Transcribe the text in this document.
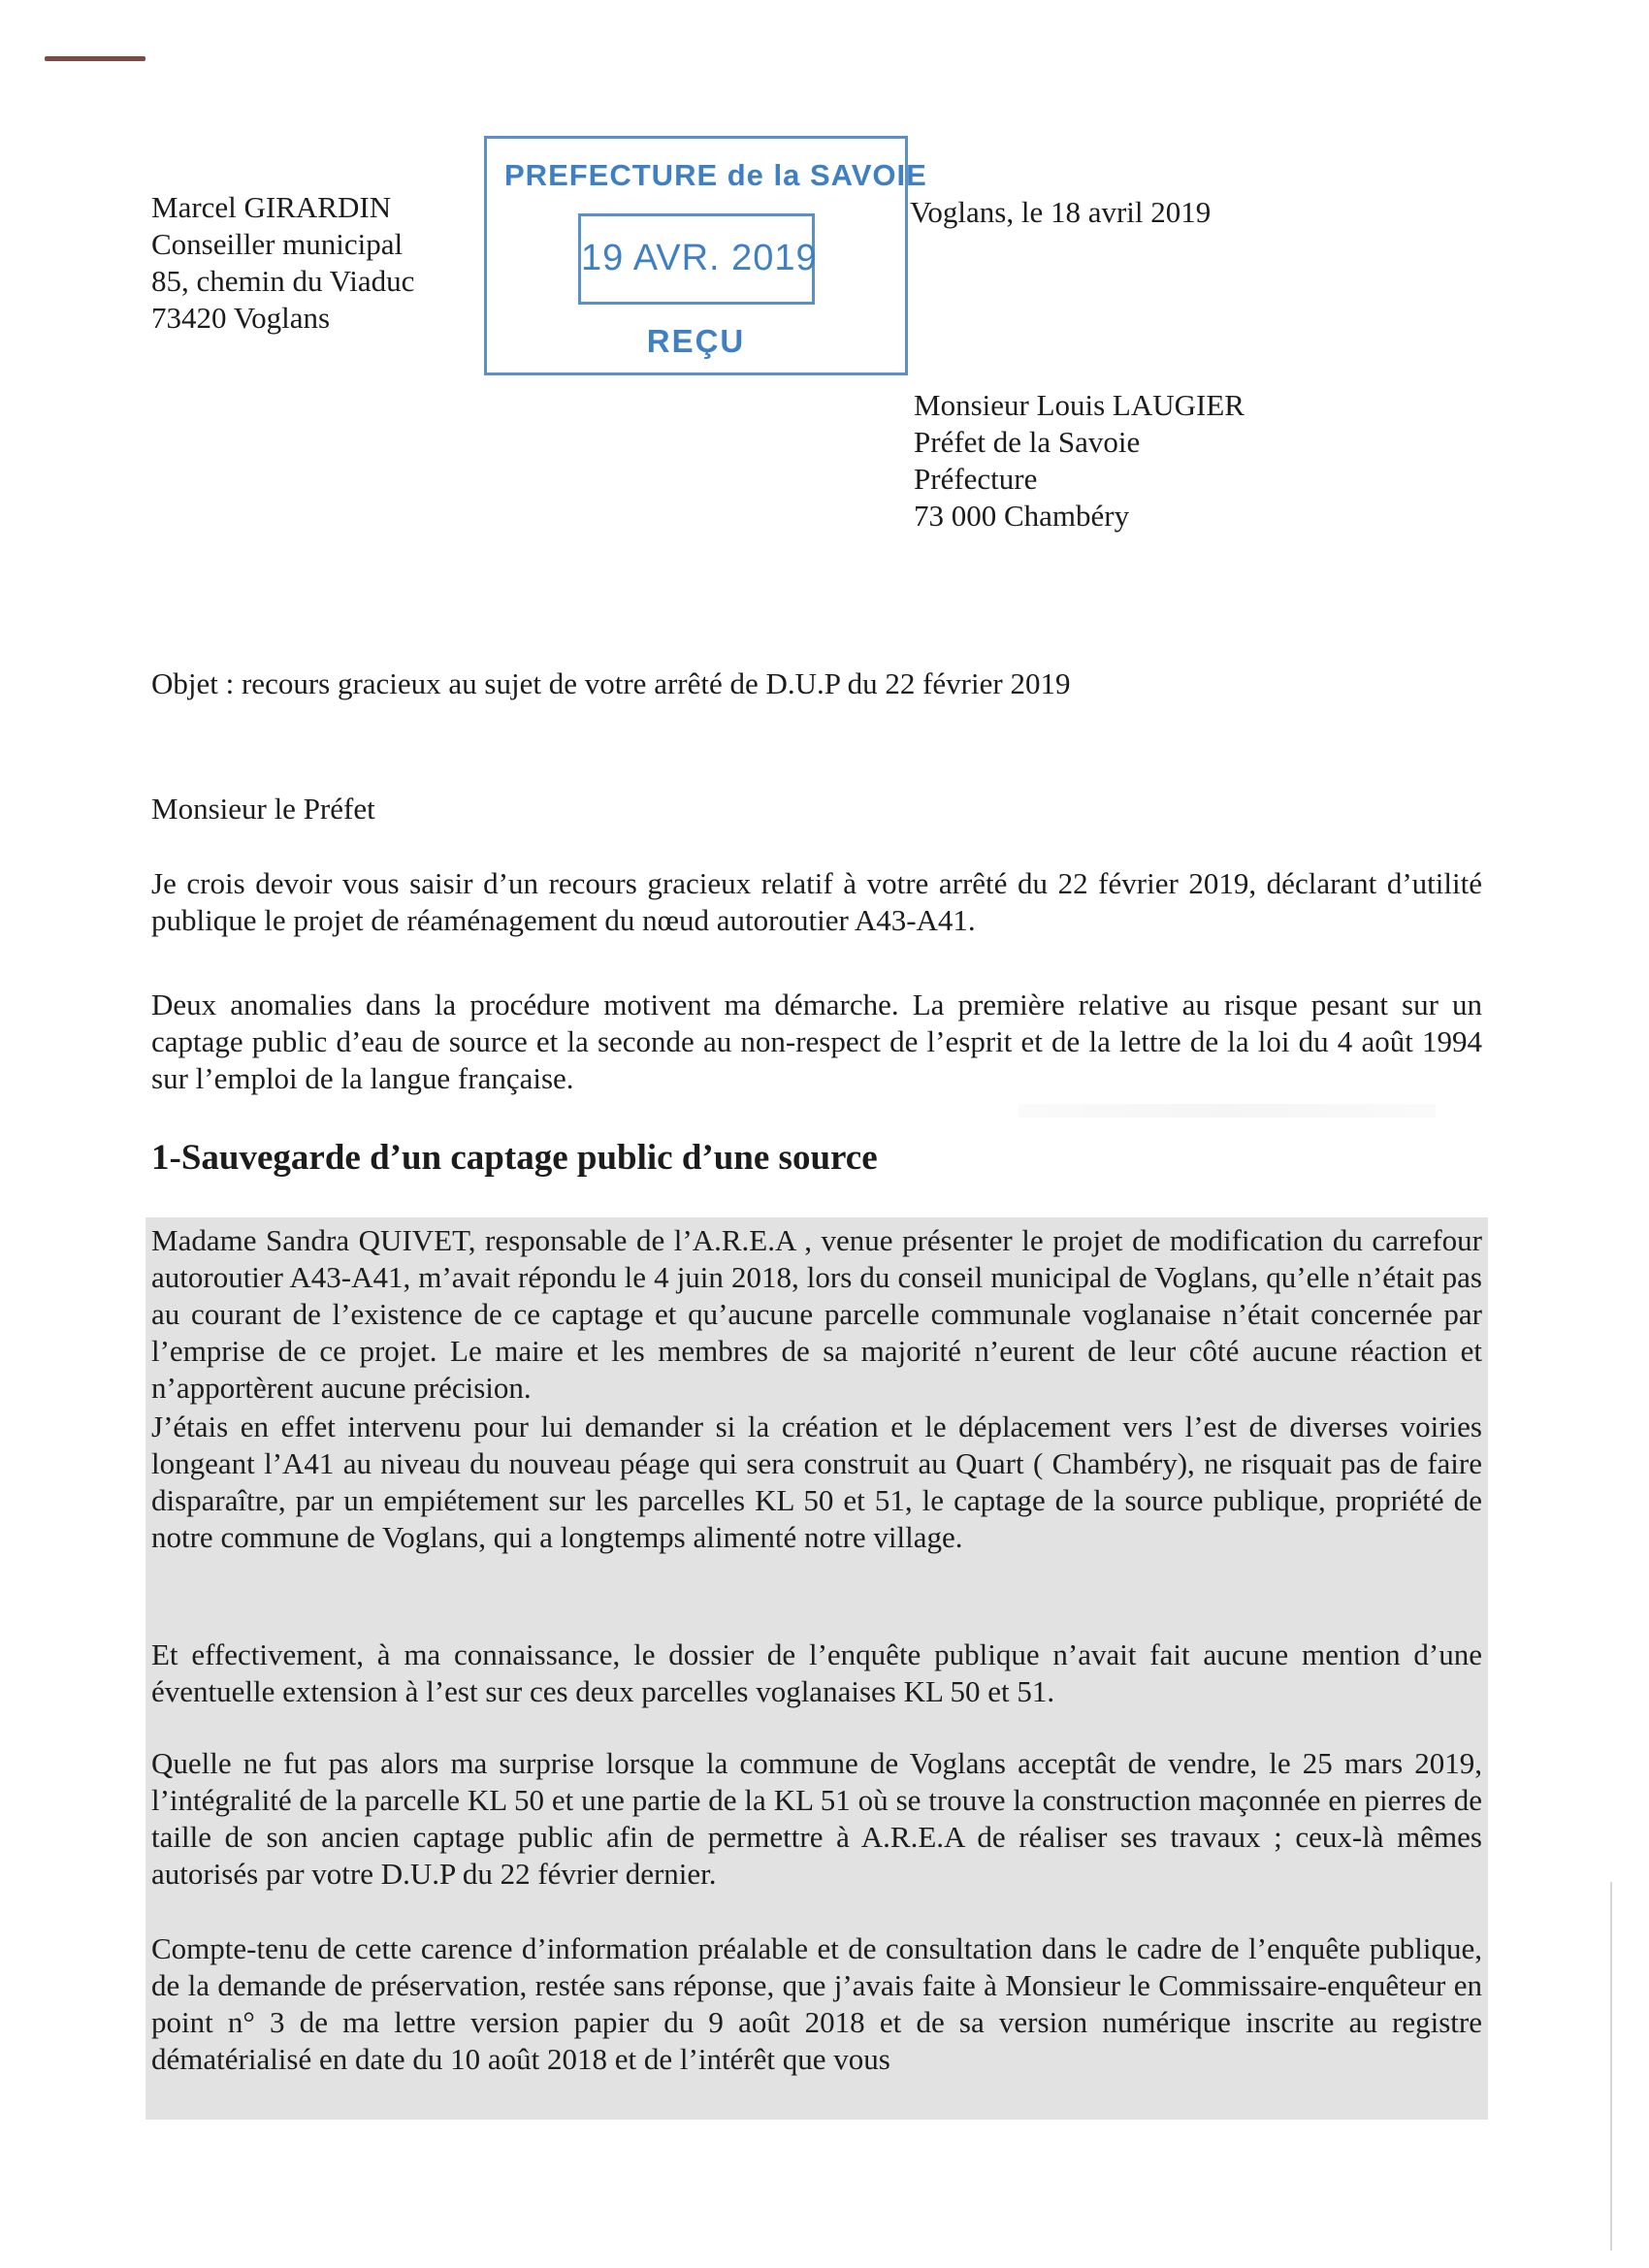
Marcel GIRARDIN
Conseiller municipal
85, chemin du Viaduc
73420 Voglans
PREFECTURE de la SAVOIE
19 AVR. 2019
REÇU
Voglans, le 18 avril 2019
Monsieur Louis LAUGIER
Préfet de la Savoie
Préfecture
73 000 Chambéry
Objet : recours gracieux au sujet de votre arrêté de D.U.P du 22 février 2019
Monsieur le Préfet
Je crois devoir vous saisir d’un recours gracieux relatif à votre arrêté du 22 février 2019, déclarant d’utilité publique le projet de réaménagement du nœud autoroutier A43-A41.
Deux anomalies dans la procédure motivent ma démarche. La première relative au risque pesant sur un captage public d’eau de source et la seconde au non-respect de l’esprit et de la lettre de la loi du 4 août 1994 sur l’emploi de la langue française.
1-Sauvegarde d’un captage public d’une source
Madame Sandra QUIVET, responsable de l’A.R.E.A , venue présenter le projet de modification du carrefour autoroutier A43-A41, m’avait répondu le 4 juin 2018, lors du conseil municipal de Voglans, qu’elle n’était pas au courant de l’existence de ce captage et qu’aucune parcelle communale voglanaise n’était concernée par l’emprise de ce projet. Le maire et les membres de sa majorité n’eurent de leur côté aucune réaction et n’apportèrent aucune précision.
J’étais en effet intervenu pour lui demander si la création et le déplacement vers l’est de diverses voiries longeant l’A41 au niveau du nouveau péage qui sera construit au Quart ( Chambéry), ne risquait pas de faire disparaître, par un empiétement sur les parcelles KL 50 et 51, le captage de la source publique, propriété de notre commune de Voglans, qui a longtemps alimenté notre village.
Et effectivement, à ma connaissance, le dossier de l’enquête publique n’avait fait aucune mention d’une éventuelle extension à l’est sur ces deux parcelles voglanaises KL 50 et 51.
Quelle ne fut pas alors ma surprise lorsque la commune de Voglans acceptât de vendre, le 25 mars 2019, l’intégralité de la parcelle KL 50 et une partie de la KL 51 où se trouve la construction maçonnée en pierres de taille de son ancien captage public afin de permettre à A.R.E.A de réaliser ses travaux ; ceux-là mêmes autorisés par votre D.U.P du 22 février dernier.
Compte-tenu de cette carence d’information préalable et de consultation dans le cadre de l’enquête publique, de la demande de préservation, restée sans réponse, que j’avais faite à Monsieur le Commissaire-enquêteur en point n° 3 de ma lettre version papier du 9 août 2018 et de sa version numérique inscrite au registre dématérialisé en date du 10 août 2018 et de l’intérêt que vous
